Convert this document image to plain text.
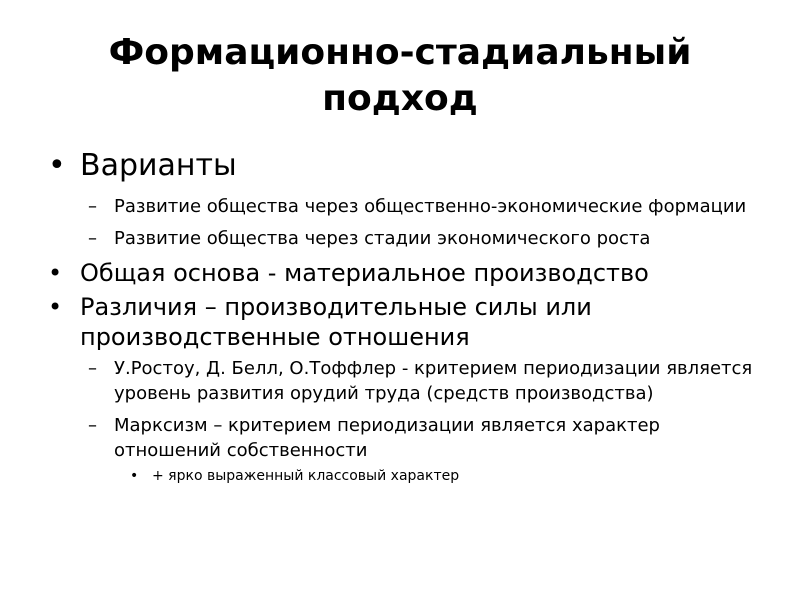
Формационно-стадиальный подход
• Варианты
– Развитие общества через общественно-экономические формации
– Развитие общества через стадии экономического роста
• Общая основа - материальное производство
• Различия – производительные силы или производственные отношения
– У.Ростоу, Д. Белл, О.Тоффлер - критерием периодизации является уровень развития орудий труда (средств производства)
– Марксизм – критерием периодизации является характер отношений собственности
• + ярко выраженный классовый характер
